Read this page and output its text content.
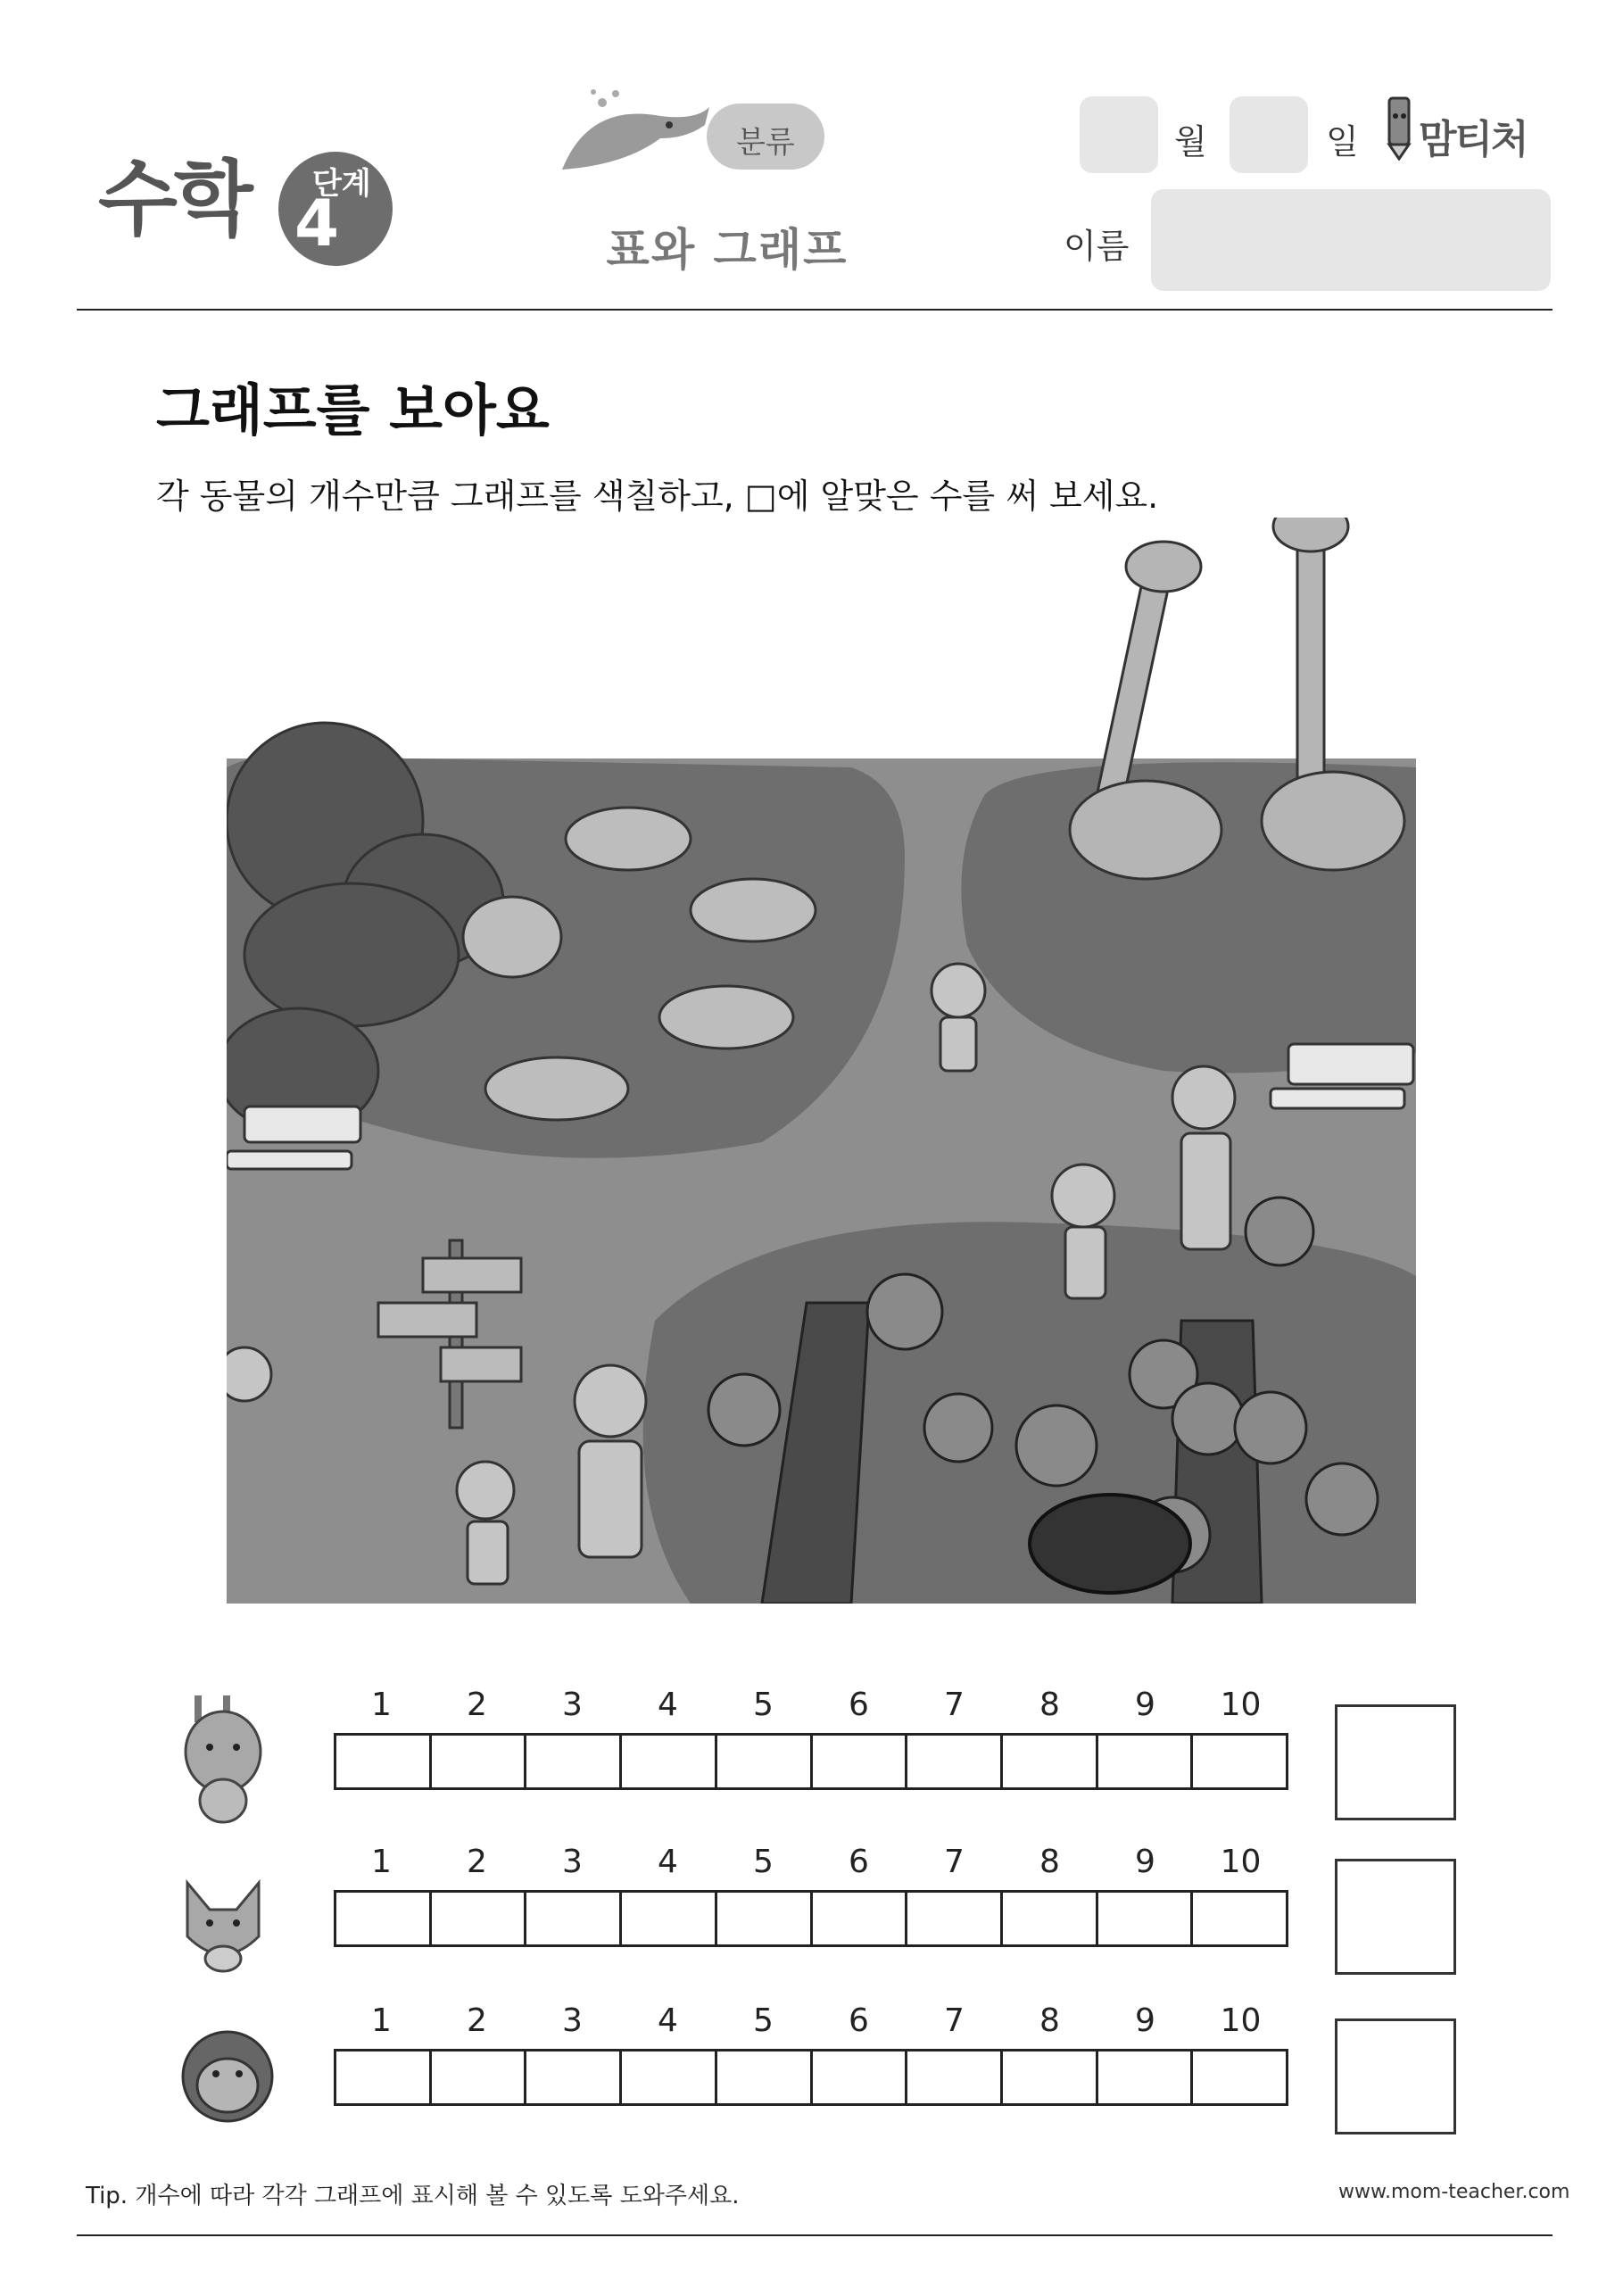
수학 단계
4
분류
표와 그래프
월	일 맘티처
이름
그래프를 보아요
각 동물의 개수만큼 그래프를 색칠하고, □에 알맞은 수를 써 보세요.
1	2	3	4	5	6	7	8	9	10
1	2	3	4	5	6	7	8	9	10
1	2	3	4	5	6	7	8	9	10
Tip. 개수에 따라 각각 그래프에 표시해 볼 수 있도록 도와주세요.	www.mom-teacher.com
